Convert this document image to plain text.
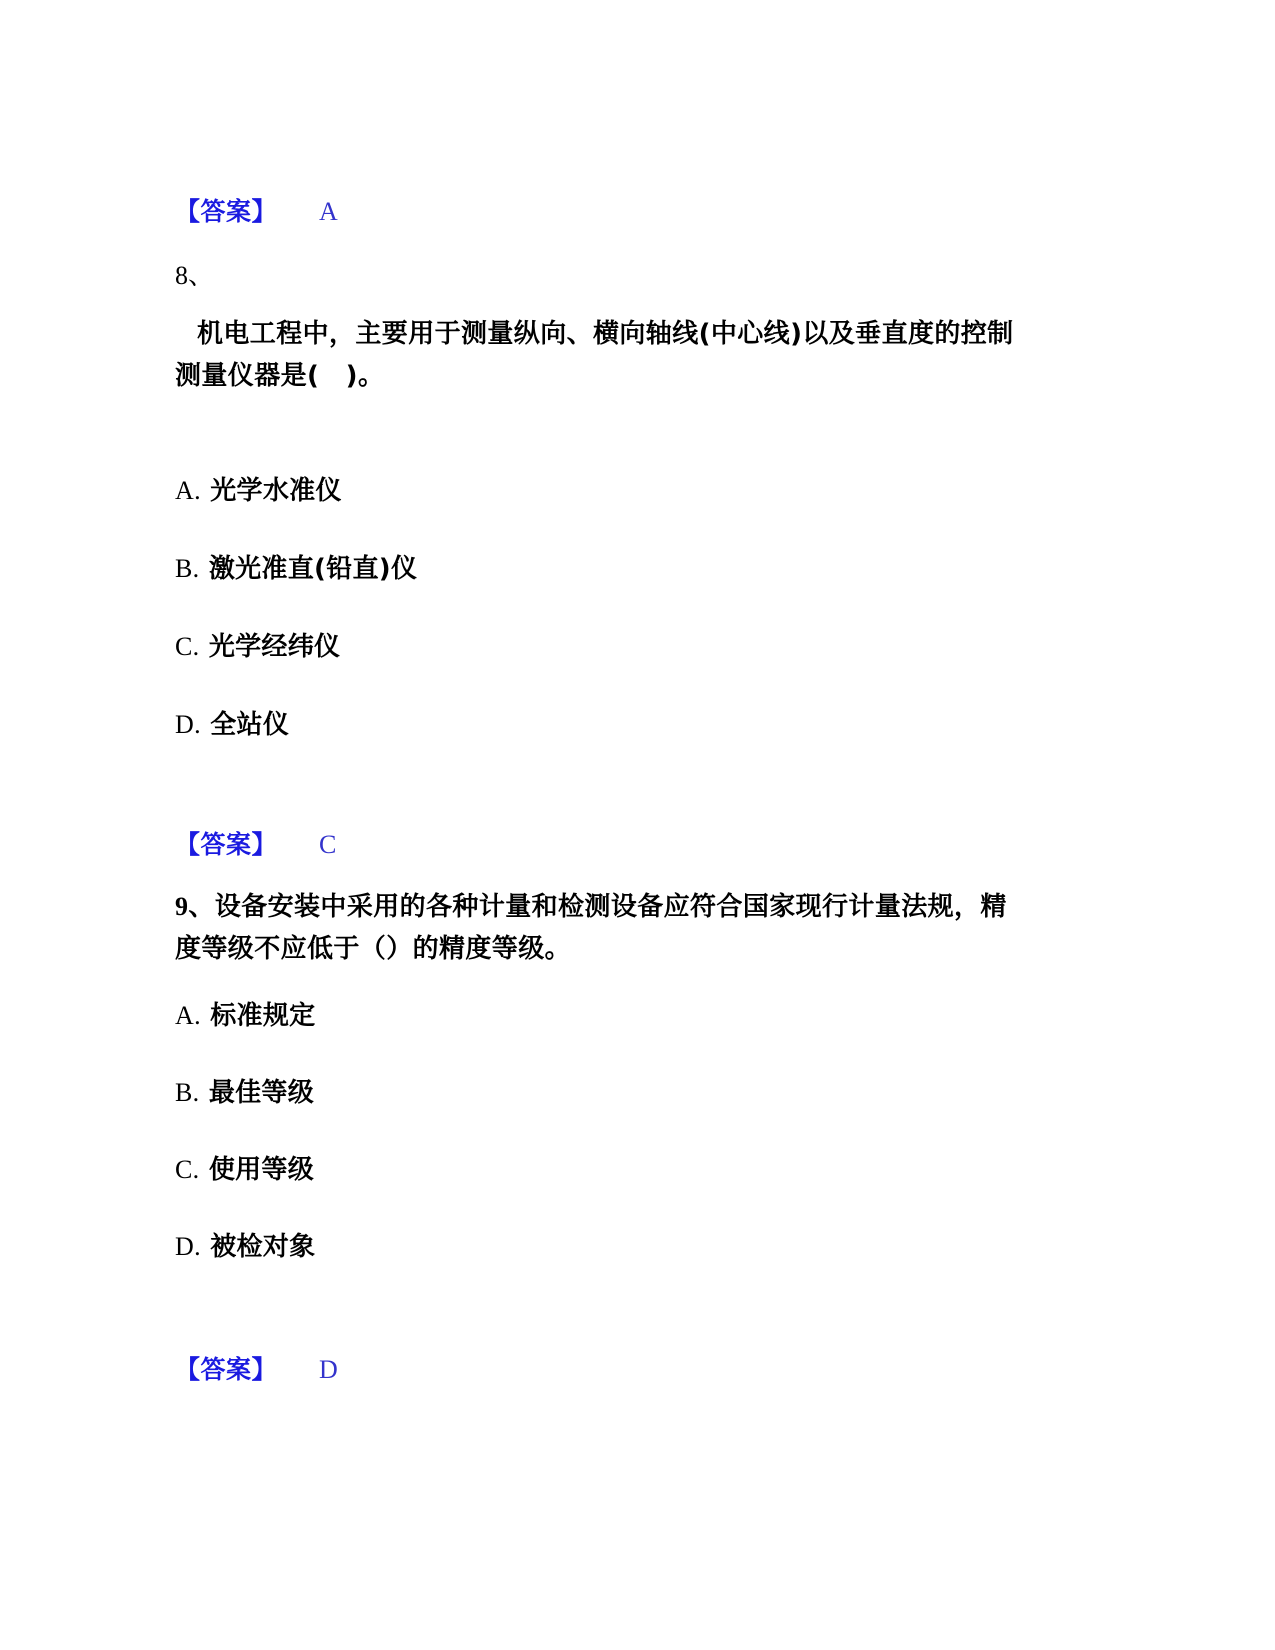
【答案】 A
8、
机电工程中，主要用于测量纵向、横向轴线(中心线)以及垂直度的控制
测量仪器是(　)。
A. 光学水准仪
B. 激光准直(铅直)仪
C. 光学经纬仪
D. 全站仪
【答案】 C
9、设备安装中采用的各种计量和检测设备应符合国家现行计量法规，精
度等级不应低于（）的精度等级。
A. 标准规定
B. 最佳等级
C. 使用等级
D. 被检对象
【答案】 D
